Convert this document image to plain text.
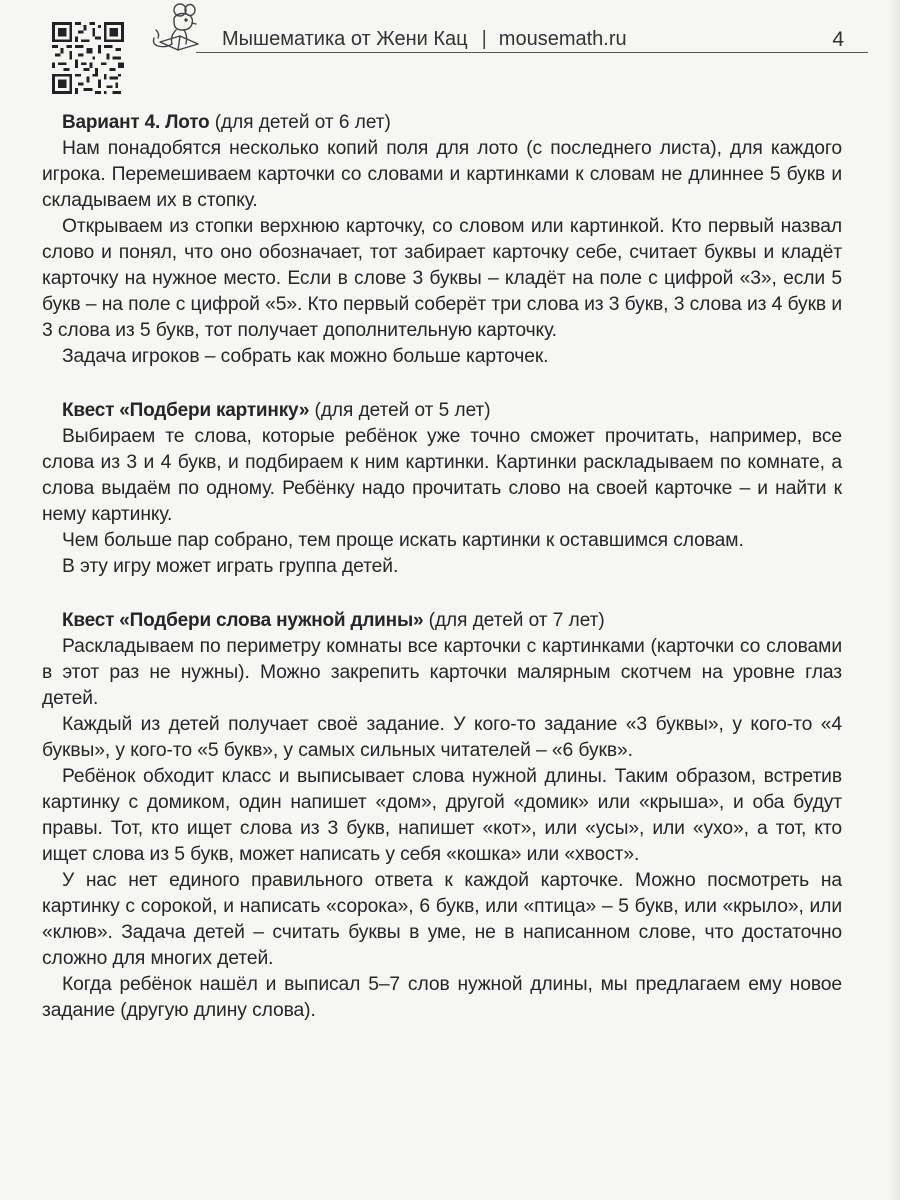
Мышематика от Жени Кац | mousemath.ru	4
Вариант 4. Лото (для детей от 6 лет)

Нам понадобятся несколько копий поля для лото (с последнего листа), для каждого игрока. Перемешиваем карточки со словами и картинками к словам не длиннее 5 букв и складываем их в стопку.

Открываем из стопки верхнюю карточку, со словом или картинкой. Кто первый назвал слово и понял, что оно обозначает, тот забирает карточку себе, считает буквы и кладёт карточку на нужное место. Если в слове 3 буквы – кладёт на поле с цифрой «3», если 5 букв – на поле с цифрой «5». Кто первый соберёт три слова из 3 букв, 3 слова из 4 букв и 3 слова из 5 букв, тот получает дополнительную карточку.

Задача игроков – собрать как можно больше карточек.

Квест «Подбери картинку» (для детей от 5 лет)

Выбираем те слова, которые ребёнок уже точно сможет прочитать, например, все слова из 3 и 4 букв, и подбираем к ним картинки. Картинки раскладываем по комнате, а слова выдаём по одному. Ребёнку надо прочитать слово на своей карточке – и найти к нему картинку.

Чем больше пар собрано, тем проще искать картинки к оставшимся словам.

В эту игру может играть группа детей.

Квест «Подбери слова нужной длины» (для детей от 7 лет)

Раскладываем по периметру комнаты все карточки с картинками (карточки со словами в этот раз не нужны). Можно закрепить карточки малярным скотчем на уровне глаз детей.

Каждый из детей получает своё задание. У кого-то задание «3 буквы», у кого-то «4 буквы», у кого-то «5 букв», у самых сильных читателей – «6 букв».

Ребёнок обходит класс и выписывает слова нужной длины. Таким образом, встретив картинку с домиком, один напишет «дом», другой «домик» или «крыша», и оба будут правы. Тот, кто ищет слова из 3 букв, напишет «кот», или «усы», или «ухо», а тот, кто ищет слова из 5 букв, может написать у себя «кошка» или «хвост».

У нас нет единого правильного ответа к каждой карточке. Можно посмотреть на картинку с сорокой, и написать «сорока», 6 букв, или «птица» – 5 букв, или «крыло», или «клюв». Задача детей – считать буквы в уме, не в написанном слове, что достаточно сложно для многих детей.

Когда ребёнок нашёл и выписал 5–7 слов нужной длины, мы предлагаем ему новое задание (другую длину слова).
